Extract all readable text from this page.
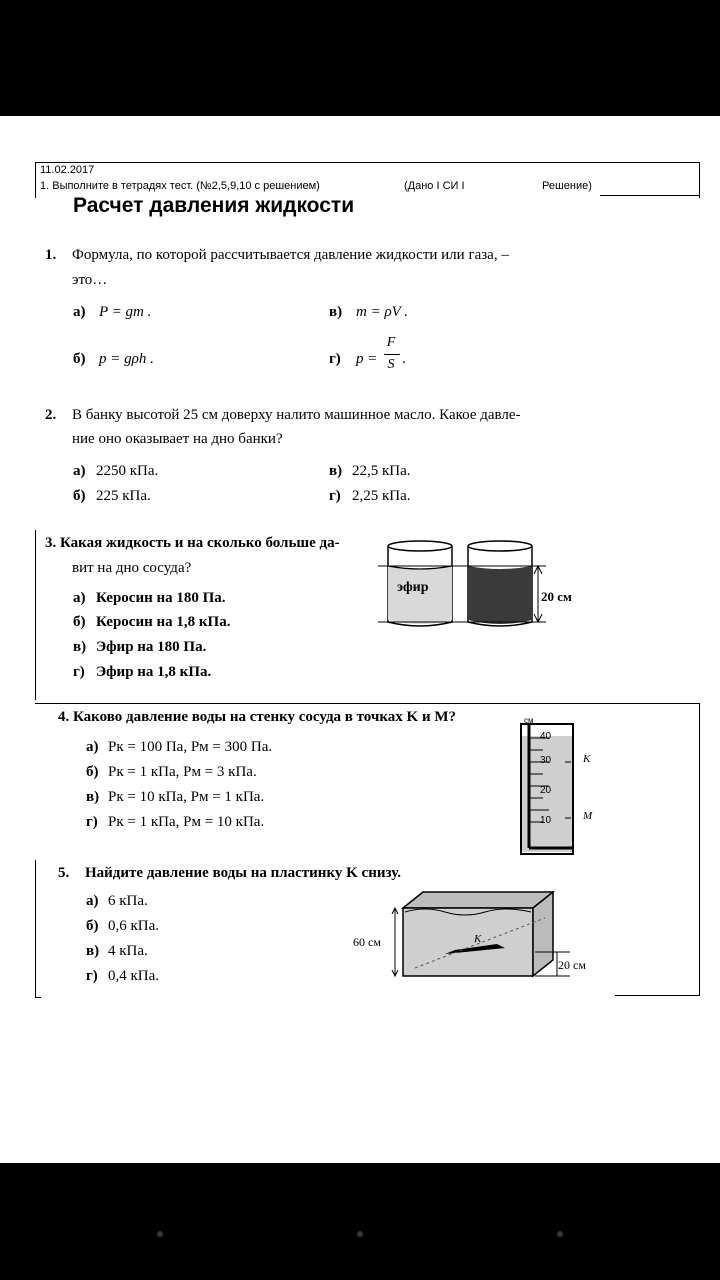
11.02.2017
1. Выполните в тетрадях тест. (№2,5,9,10 с решением)	(Дано I СИ I	Решение)
Расчет давления жидкости
1. Формула, по которой рассчитывается давление жидкости или газа, –
это…
а) P = gm .
б) p = gρh .
в) m = ρV .
г) p =
F
S .
2. В банку высотой 25 см доверху налито машинное масло. Какое давле-
ние оно оказывает на дно банки?
а) 2250 кПа.
б) 225 кПа.
в) 22,5 кПа.
г) 2,25 кПа.
3. Какая жидкость и на сколько больше да-
вит на дно сосуда?
а) Керосин на 180 Па.
б) Керосин на 1,8 кПа.
в) Эфир на 180 Па.
г) Эфир на 1,8 кПа.
эфир
20 см
4. Каково давление воды на стенку сосуда в точках K и M?
а) Pк = 100 Па, Pм = 300 Па.
б) Pк = 1 кПа, Pм = 3 кПа.
в) Pк = 10 кПа, Pм = 1 кПа.
г) Pк = 1 кПа, Pм = 10 кПа.
см
40
30
20
10
K
M
5. Найдите давление воды на пластинку K снизу.
а) 6 кПа.
б) 0,6 кПа.
в) 4 кПа.
г) 0,4 кПа.
60 см
20 см
K
